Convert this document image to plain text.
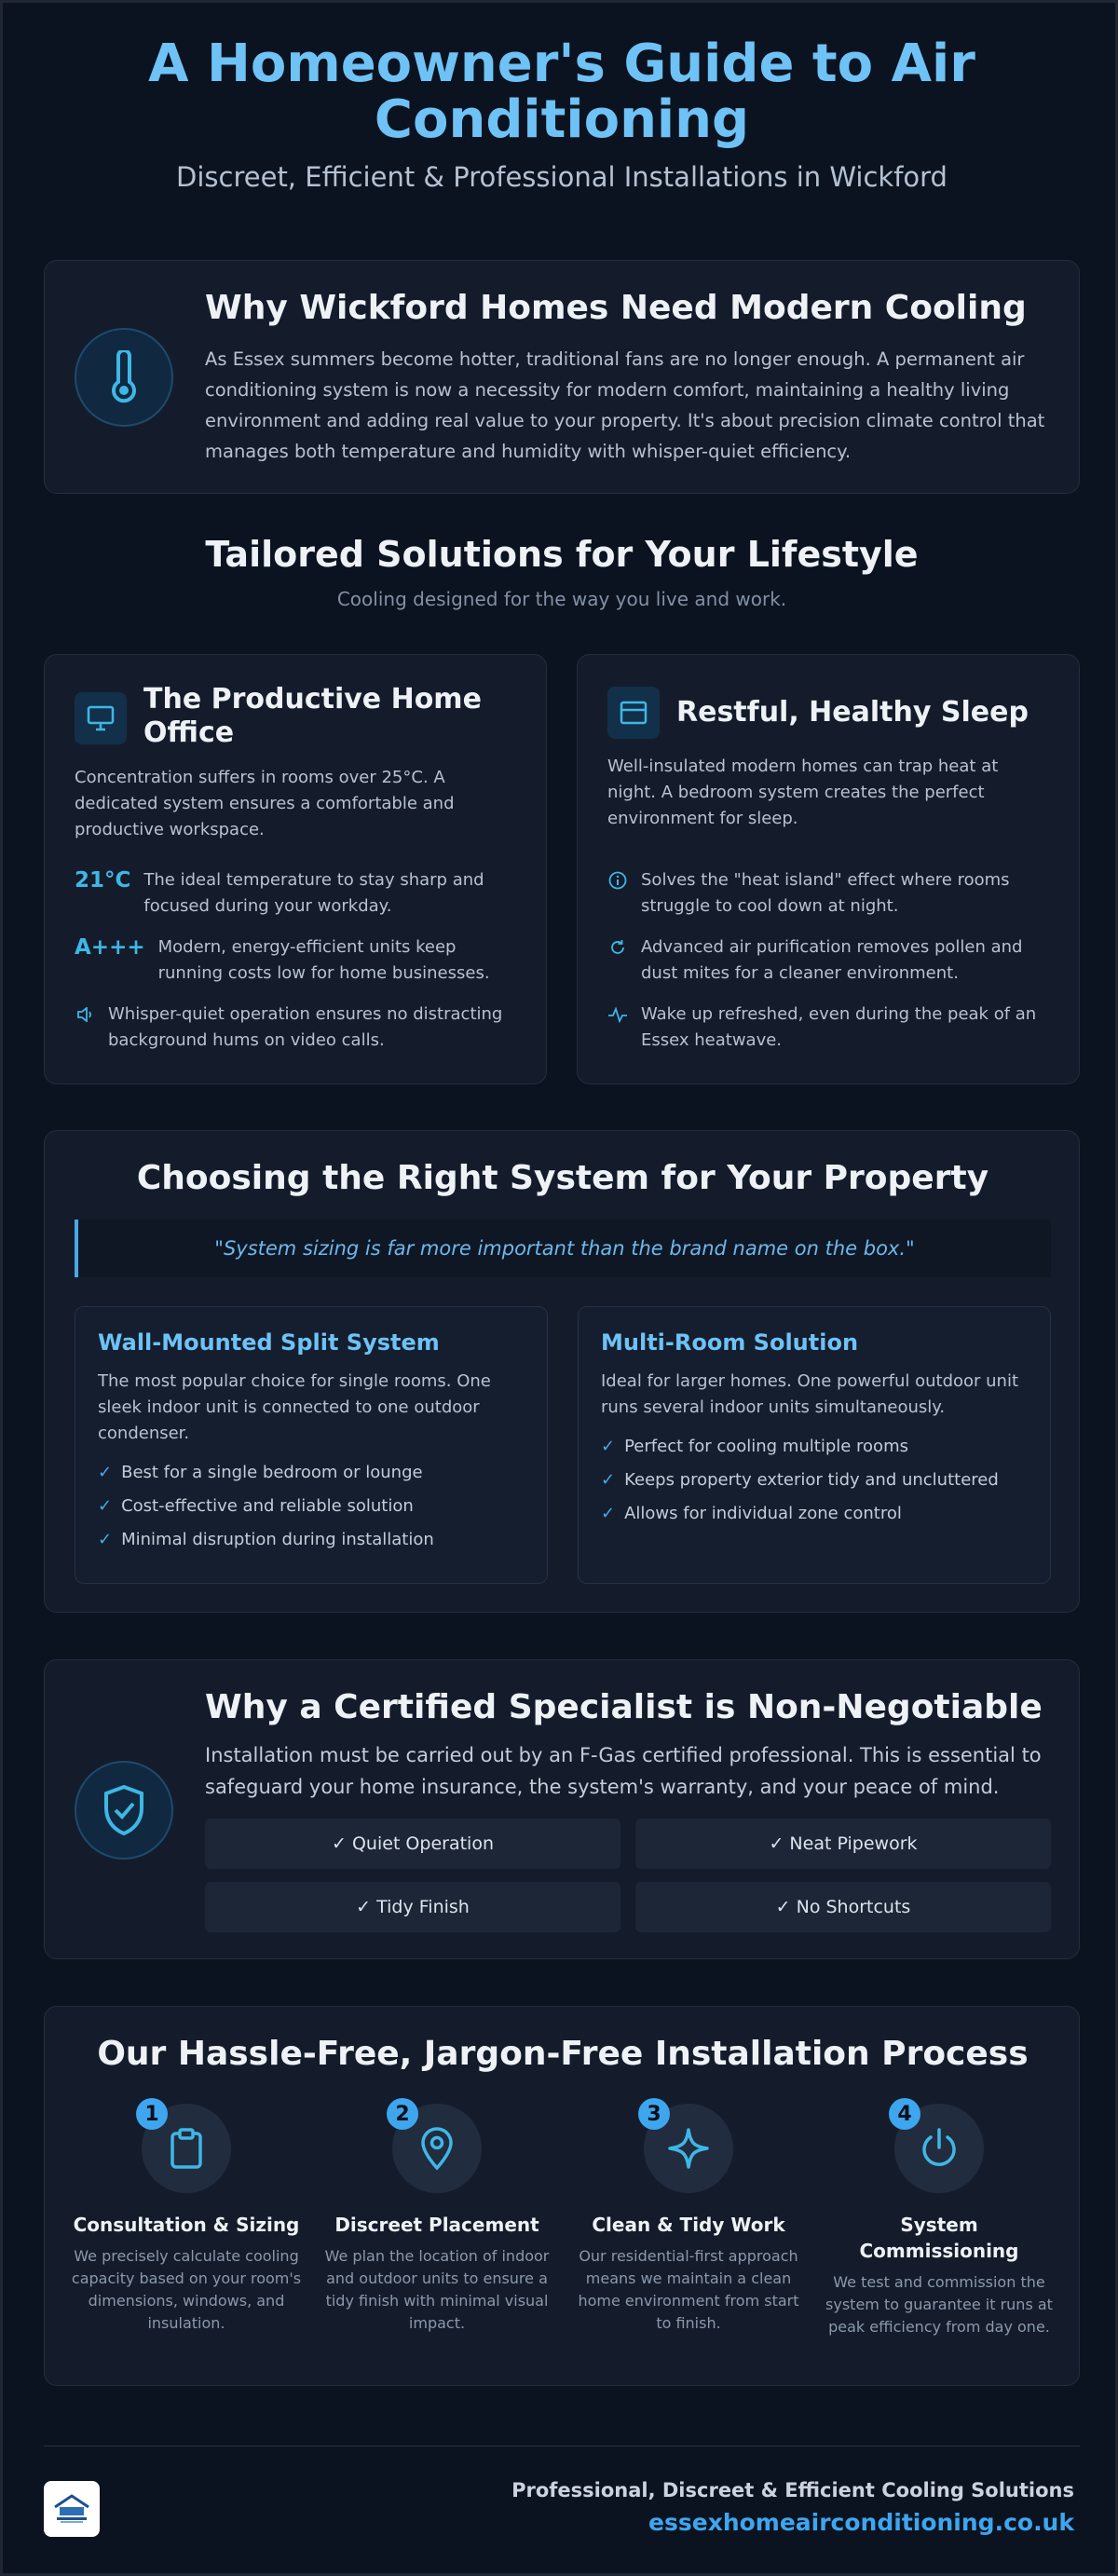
A Homeowner's Guide to Air Conditioning
Discreet, Efficient & Professional Installations in Wickford
Why Wickford Homes Need Modern Cooling
As Essex summers become hotter, traditional fans are no longer enough. A permanent air conditioning system is now a necessity for modern comfort, maintaining a healthy living environment and adding real value to your property. It's about precision climate control that manages both temperature and humidity with whisper-quiet efficiency.
Tailored Solutions for Your Lifestyle
Cooling designed for the way you live and work.
The Productive Home Office
Concentration suffers in rooms over 25°C. A dedicated system ensures a comfortable and productive workspace.
21°C The ideal temperature to stay sharp and focused during your workday.
A+++ Modern, energy-efficient units keep running costs low for home businesses.
Whisper-quiet operation ensures no distracting background hums on video calls.
Restful, Healthy Sleep
Well-insulated modern homes can trap heat at night. A bedroom system creates the perfect environment for sleep.
Solves the "heat island" effect where rooms struggle to cool down at night.
Advanced air purification removes pollen and dust mites for a cleaner environment.
Wake up refreshed, even during the peak of an Essex heatwave.
Choosing the Right System for Your Property
"System sizing is far more important than the brand name on the box."
Wall-Mounted Split System
The most popular choice for single rooms. One sleek indoor unit is connected to one outdoor condenser.
✓ Best for a single bedroom or lounge
✓ Cost-effective and reliable solution
✓ Minimal disruption during installation
Multi-Room Solution
Ideal for larger homes. One powerful outdoor unit runs several indoor units simultaneously.
✓ Perfect for cooling multiple rooms
✓ Keeps property exterior tidy and uncluttered
✓ Allows for individual zone control
Why a Certified Specialist is Non-Negotiable
Installation must be carried out by an F-Gas certified professional. This is essential to safeguard your home insurance, the system's warranty, and your peace of mind.
✓ Quiet Operation	✓ Neat Pipework
✓ Tidy Finish	✓ No Shortcuts
Our Hassle-Free, Jargon-Free Installation Process
1
Consultation & Sizing
We precisely calculate cooling capacity based on your room's dimensions, windows, and insulation.
2
Discreet Placement
We plan the location of indoor and outdoor units to ensure a tidy finish with minimal visual impact.
3
Clean & Tidy Work
Our residential-first approach means we maintain a clean home environment from start to finish.
4
System Commissioning
We test and commission the system to guarantee it runs at peak efficiency from day one.
Professional, Discreet & Efficient Cooling Solutions
essexhomeairconditioning.co.uk
